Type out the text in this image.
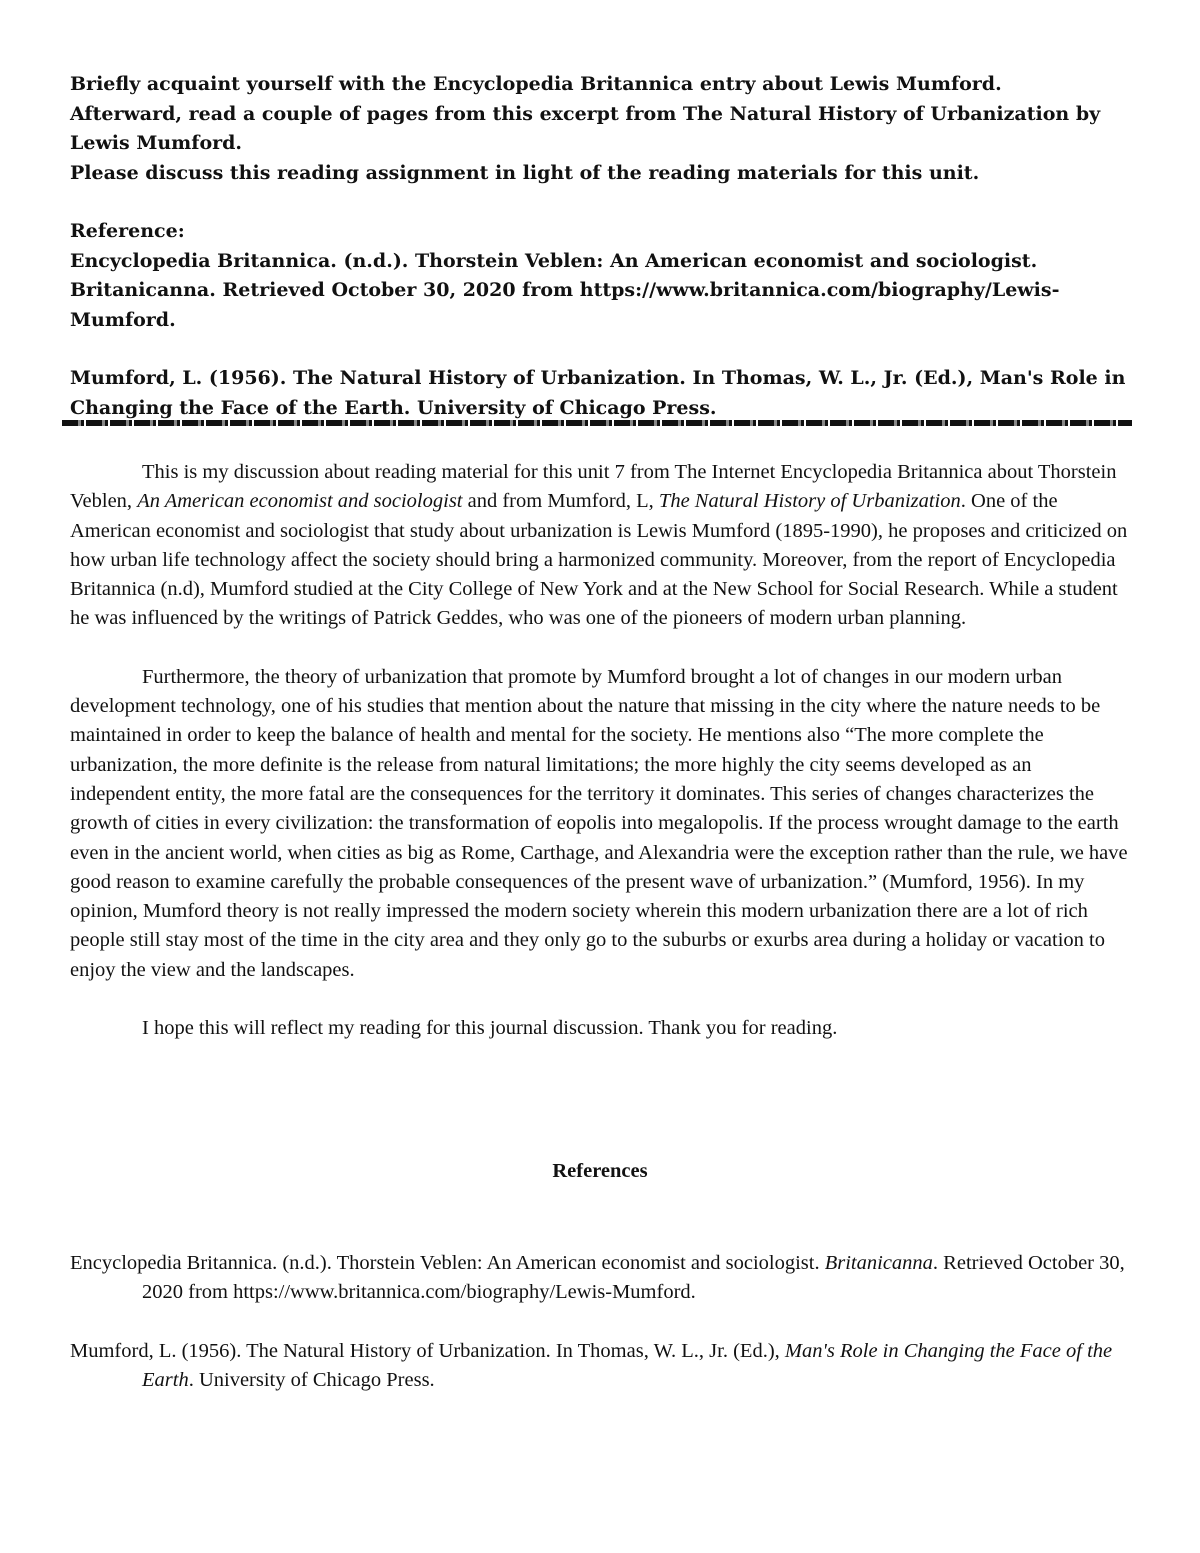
Briefly acquaint yourself with the Encyclopedia Britannica entry about Lewis Mumford.

Afterward, read a couple of pages from this excerpt from The Natural History of Urbanization by Lewis Mumford.

Please discuss this reading assignment in light of the reading materials for this unit.

Reference:

Encyclopedia Britannica. (n.d.). Thorstein Veblen: An American economist and sociologist. Britanicanna. Retrieved October 30, 2020 from https://www.britannica.com/biography/Lewis-Mumford.

Mumford, L. (1956). The Natural History of Urbanization. In Thomas, W. L., Jr. (Ed.), Man's Role in Changing the Face of the Earth. University of Chicago Press.

This is my discussion about reading material for this unit 7 from The Internet Encyclopedia Britannica about Thorstein Veblen, An American economist and sociologist and from Mumford, L, The Natural History of Urbanization. One of the American economist and sociologist that study about urbanization is Lewis Mumford (1895-1990), he proposes and criticized on how urban life technology affect the society should bring a harmonized community. Moreover, from the report of Encyclopedia Britannica (n.d), Mumford studied at the City College of New York and at the New School for Social Research. While a student he was influenced by the writings of Patrick Geddes, who was one of the pioneers of modern urban planning.

Furthermore, the theory of urbanization that promote by Mumford brought a lot of changes in our modern urban development technology, one of his studies that mention about the nature that missing in the city where the nature needs to be maintained in order to keep the balance of health and mental for the society. He mentions also “The more complete the urbanization, the more definite is the release from natural limitations; the more highly the city seems developed as an independent entity, the more fatal are the consequences for the territory it dominates. This series of changes characterizes the growth of cities in every civilization: the transformation of eopolis into megalopolis. If the process wrought damage to the earth even in the ancient world, when cities as big as Rome, Carthage, and Alexandria were the exception rather than the rule, we have good reason to examine carefully the probable consequences of the present wave of urbanization.” (Mumford, 1956). In my opinion, Mumford theory is not really impressed the modern society wherein this modern urbanization there are a lot of rich people still stay most of the time in the city area and they only go to the suburbs or exurbs area during a holiday or vacation to enjoy the view and the landscapes.

I hope this will reflect my reading for this journal discussion. Thank you for reading.

References

Encyclopedia Britannica. (n.d.). Thorstein Veblen: An American economist and sociologist. Britanicanna. Retrieved October 30, 2020 from https://www.britannica.com/biography/Lewis-Mumford.

Mumford, L. (1956). The Natural History of Urbanization. In Thomas, W. L., Jr. (Ed.), Man's Role in Changing the Face of the Earth. University of Chicago Press.
